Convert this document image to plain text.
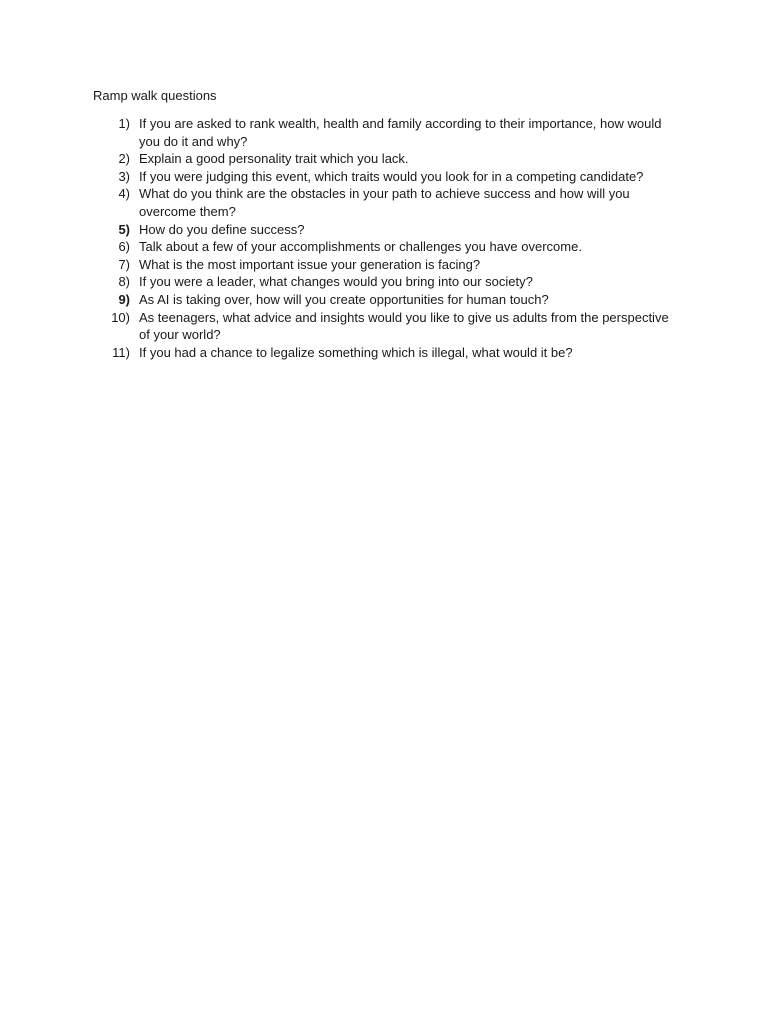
Ramp walk questions
1) If you are asked to rank wealth, health and family according to their importance, how would you do it and why?
2) Explain a good personality trait which you lack.
3) If you were judging this event, which traits would you look for in a competing candidate?
4) What do you think are the obstacles in your path to achieve success and how will you overcome them?
5) How do you define success?
6) Talk about a few of your accomplishments or challenges you have overcome.
7) What is the most important issue your generation is facing?
8) If you were a leader, what changes would you bring into our society?
9) As AI is taking over, how will you create opportunities for human touch?
10) As teenagers, what advice and insights would you like to give us adults from the perspective of your world?
11) If you had a chance to legalize something which is illegal, what would it be?
